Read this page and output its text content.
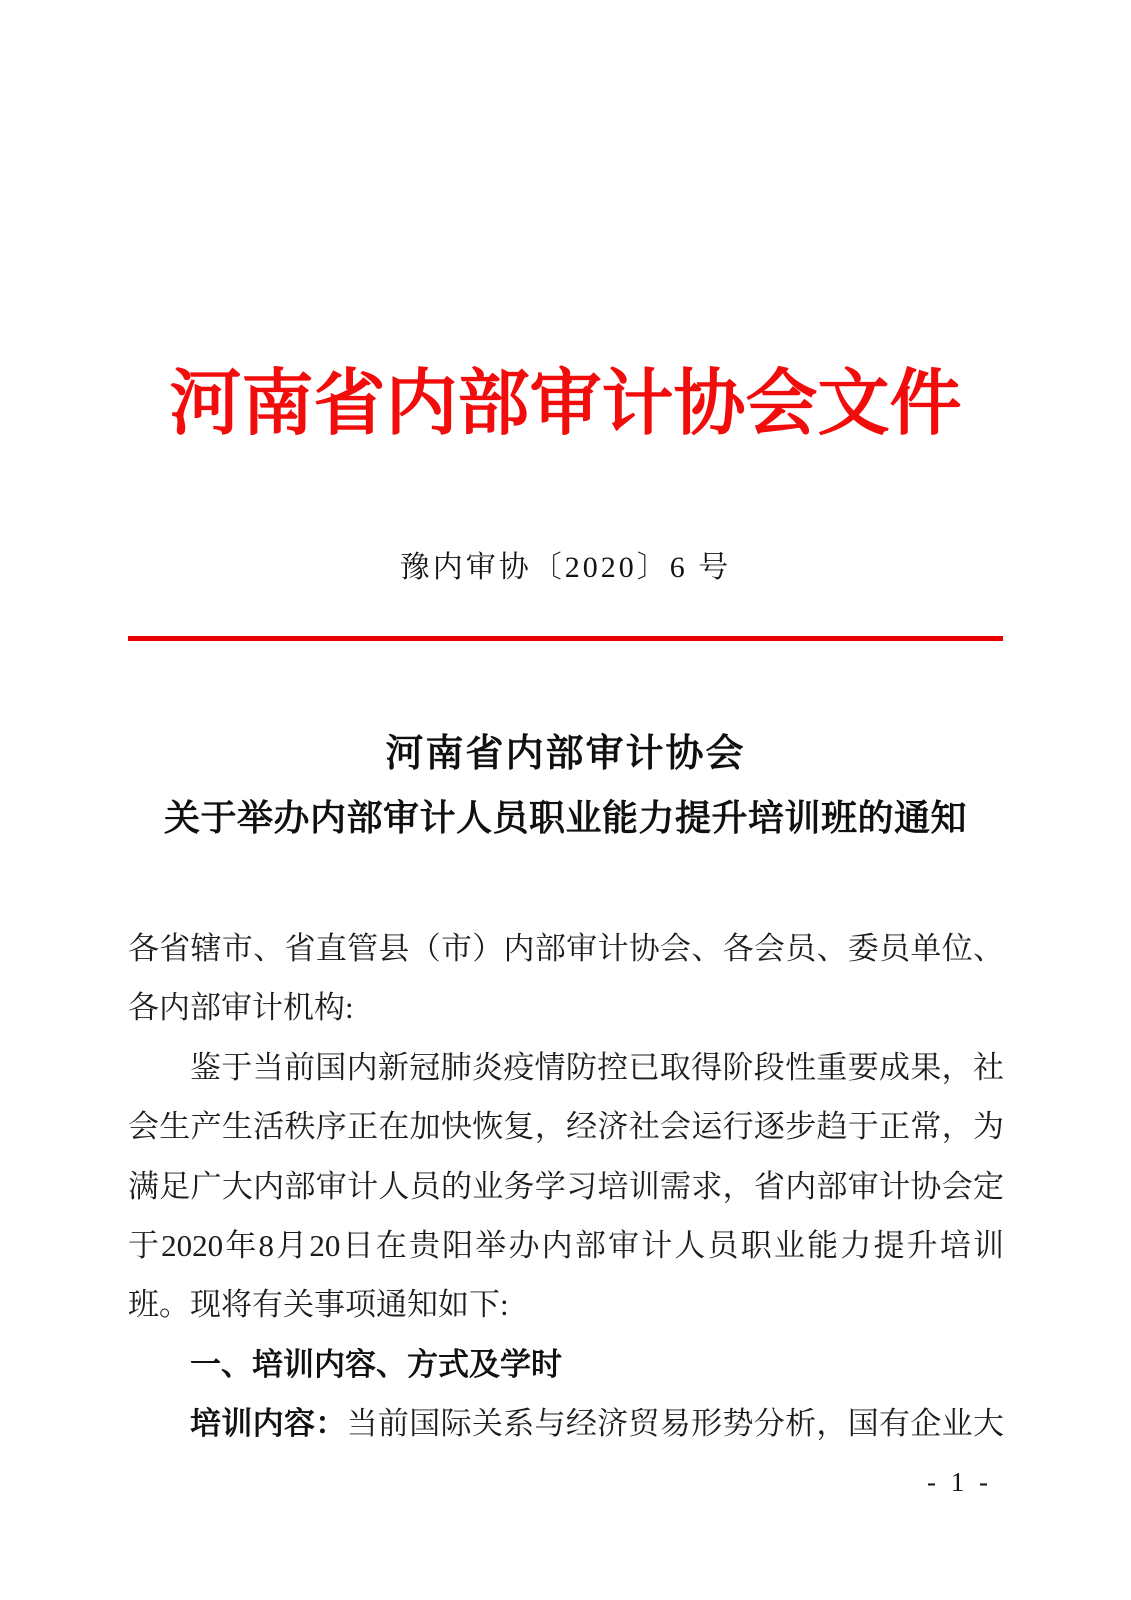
河南省内部审计协会文件
豫内审协〔2020〕6 号
河南省内部审计协会
关于举办内部审计人员职业能力提升培训班的通知
各省辖市、省直管县（市）内部审计协会、各会员、委员单位、
各内部审计机构:
鉴于当前国内新冠肺炎疫情防控已取得阶段性重要成果，社
会生产生活秩序正在加快恢复，经济社会运行逐步趋于正常，为
满足广大内部审计人员的业务学习培训需求，省内部审计协会定
于2020年8月20日在贵阳举办内部审计人员职业能力提升培训
班。现将有关事项通知如下:
一、培训内容、方式及学时
培训内容：当前国际关系与经济贸易形势分析，国有企业大
- 1 -
